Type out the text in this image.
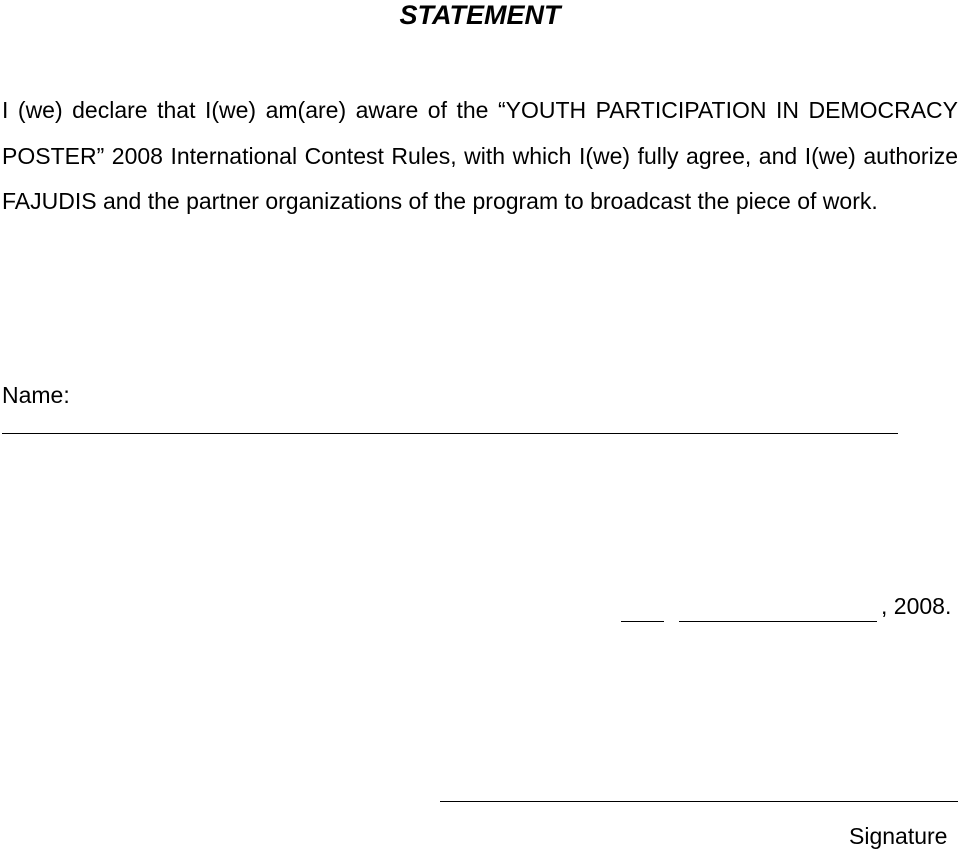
STATEMENT

I (we) declare that I(we) am(are) aware of the “YOUTH PARTICIPATION IN DEMOCRACY POSTER” 2008 International Contest Rules, with which I(we) fully agree, and I(we) authorize FAJUDIS and the partner organizations of the program to broadcast the piece of work.

Name:
, 2008.
Signature
